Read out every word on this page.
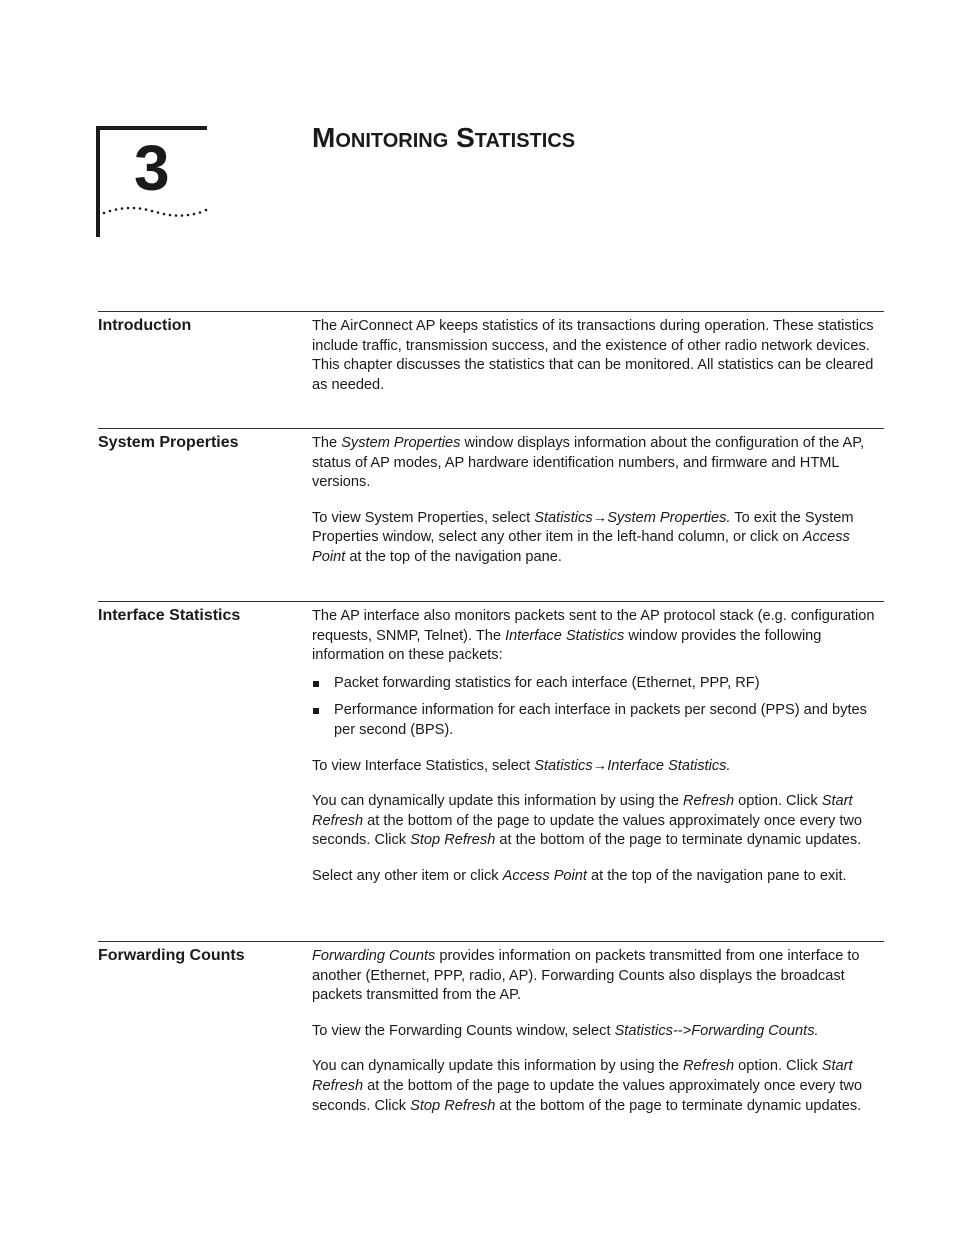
3	Monitoring Statistics
Introduction	The AirConnect AP keeps statistics of its transactions during operation. These statistics include traffic, transmission success, and the existence of other radio network devices. This chapter discusses the statistics that can be monitored. All statistics can be cleared as needed.

System Properties	The System Properties window displays information about the configuration of the AP, status of AP modes, AP hardware identification numbers, and firmware and HTML versions.

To view System Properties, select Statistics→System Properties. To exit the System Properties window, select any other item in the left-hand column, or click on Access Point at the top of the navigation pane.

Interface Statistics	The AP interface also monitors packets sent to the AP protocol stack (e.g. configuration requests, SNMP, Telnet). The Interface Statistics window provides the following information on these packets:

Packet forwarding statistics for each interface (Ethernet, PPP, RF)
Performance information for each interface in packets per second (PPS) and bytes per second (BPS).

To view Interface Statistics, select Statistics→Interface Statistics.

You can dynamically update this information by using the Refresh option. Click Start Refresh at the bottom of the page to update the values approximately once every two seconds. Click Stop Refresh at the bottom of the page to terminate dynamic updates.

Select any other item or click Access Point at the top of the navigation pane to exit.

Forwarding Counts	Forwarding Counts provides information on packets transmitted from one interface to another (Ethernet, PPP, radio, AP). Forwarding Counts also displays the broadcast packets transmitted from the AP.

To view the Forwarding Counts window, select Statistics-->Forwarding Counts.

You can dynamically update this information by using the Refresh option. Click Start Refresh at the bottom of the page to update the values approximately once every two seconds. Click Stop Refresh at the bottom of the page to terminate dynamic updates.
